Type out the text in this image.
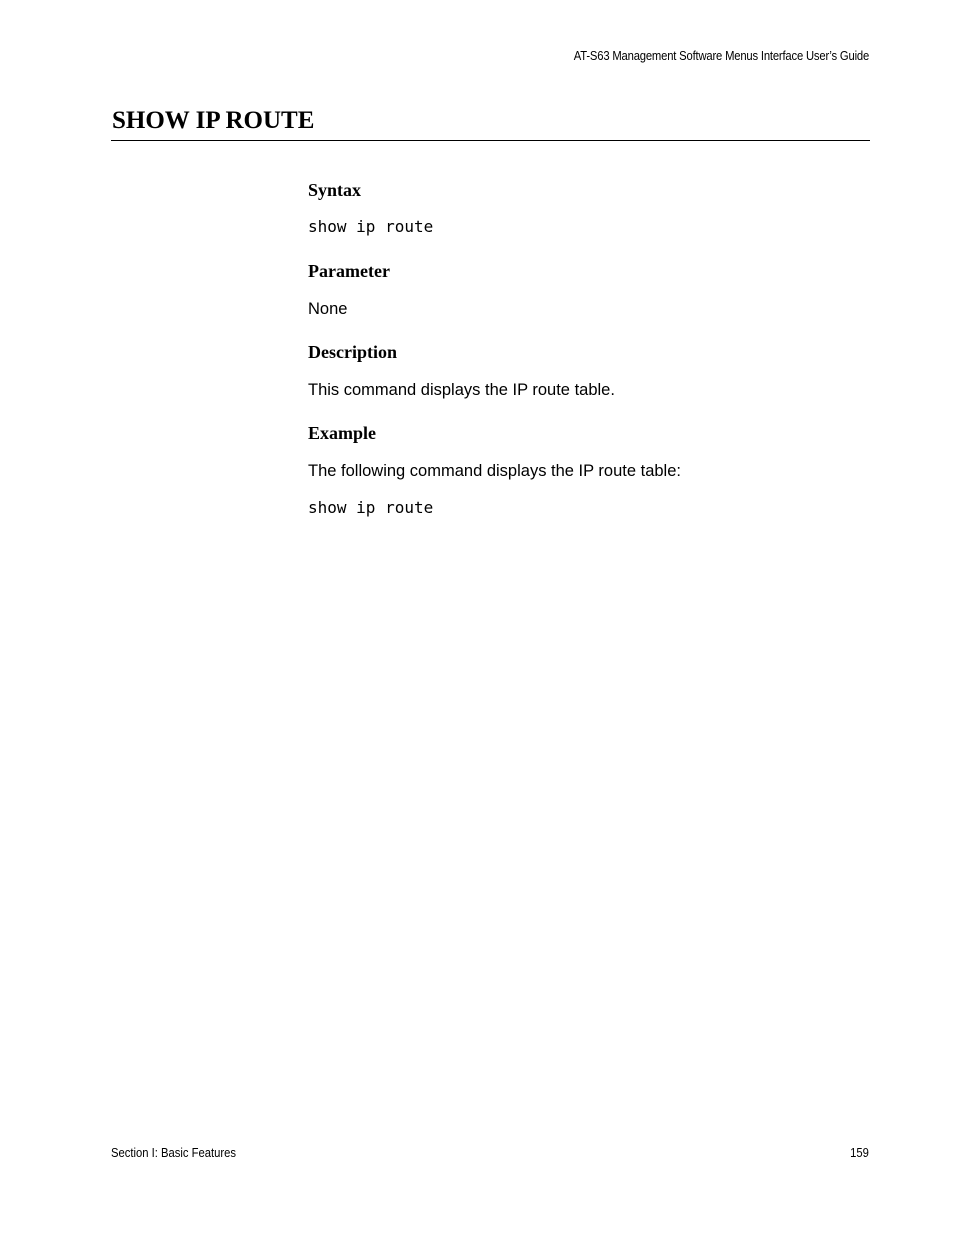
AT-S63 Management Software Menus Interface User’s Guide
SHOW IP ROUTE
Syntax
show ip route
Parameter

None

Description

This command displays the IP route table.

Example

The following command displays the IP route table:

show ip route
Section I: Basic Features	159
